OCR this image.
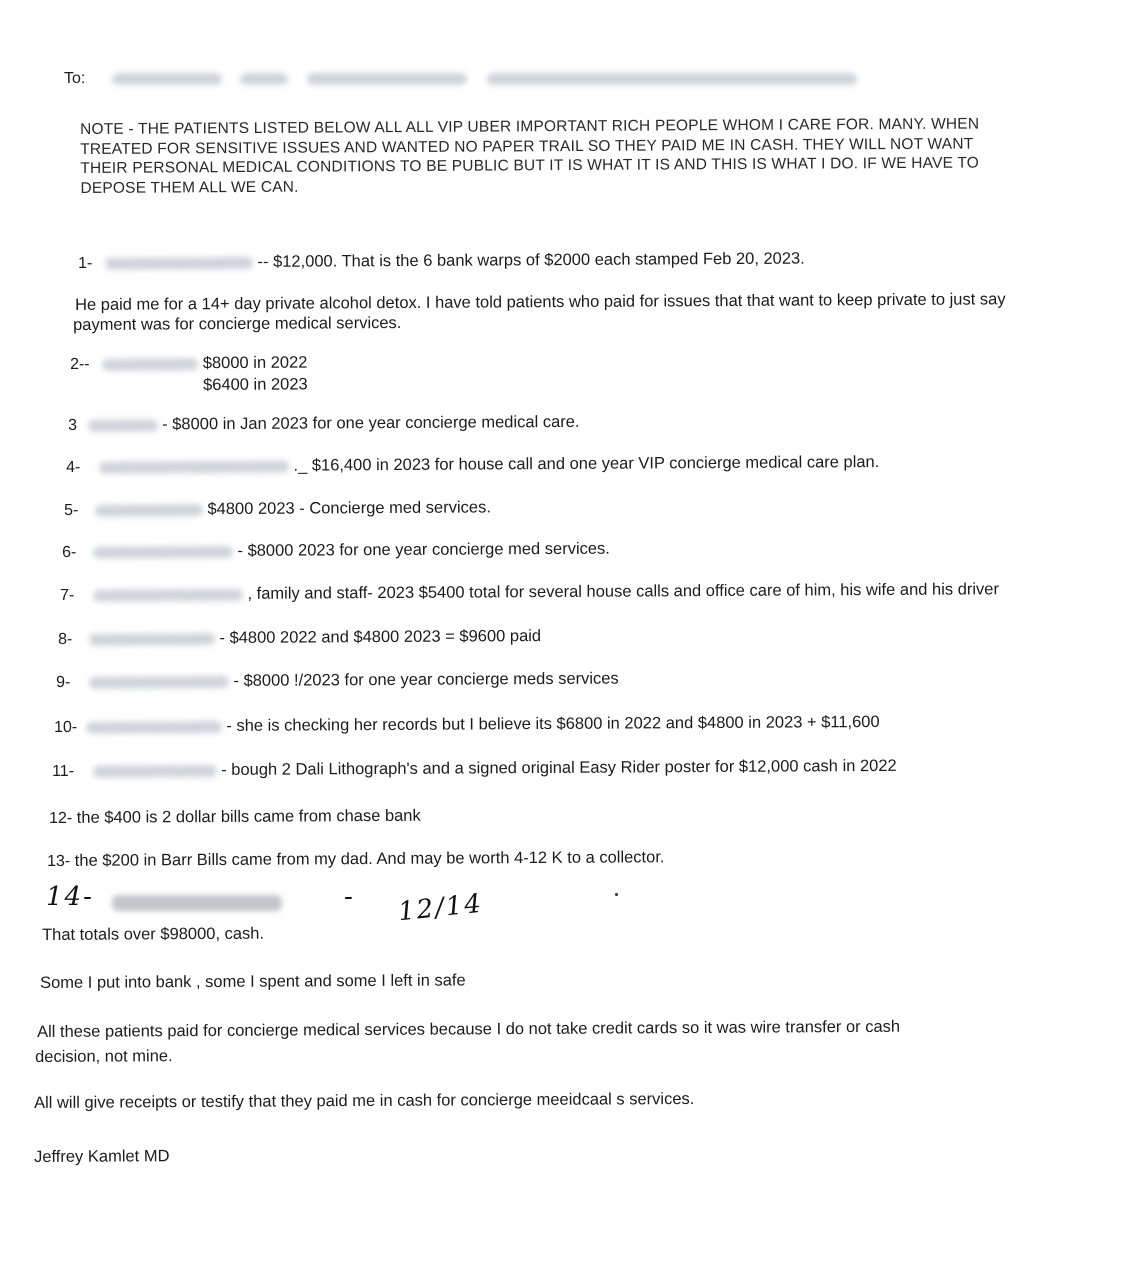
To:
NOTE - THE PATIENTS LISTED BELOW ALL ALL VIP UBER IMPORTANT RICH PEOPLE WHOM I CARE FOR. MANY. WHEN
TREATED FOR SENSITIVE ISSUES AND WANTED NO PAPER TRAIL SO THEY PAID ME IN CASH. THEY WILL NOT WANT
THEIR PERSONAL MEDICAL CONDITIONS TO BE PUBLIC BUT IT IS WHAT IT IS AND THIS IS WHAT I DO. IF WE HAVE TO
DEPOSE THEM ALL WE CAN.
1-	-- $12,000. That is the 6 bank warps of $2000 each stamped Feb 20, 2023.
He paid me for a 14+ day private alcohol detox. I have told patients who paid for issues that that want to keep private to just say
payment was for concierge medical services.
2--	$8000 in 2022
$6400 in 2023
3	- $8000 in Jan 2023 for one year concierge medical care.
4-	._ $16,400 in 2023 for house call and one year VIP concierge medical care plan.
5-	$4800 2023 - Concierge med services.
6-	- $8000 2023 for one year concierge med services.
7-	, family and staff- 2023 $5400 total for several house calls and office care of him, his wife and his driver
8-	- $4800 2022 and $4800 2023 = $9600 paid
9-	- $8000 !/2023 for one year concierge meds services
10-	- she is checking her records but I believe its $6800 in 2022 and $4800 in 2023 + $11,600
11-	- bough 2 Dali Lithograph's and a signed original Easy Rider poster for $12,000 cash in 2022
12- the $400 is 2 dollar bills came from chase bank
13- the $200 in Barr Bills came from my dad. And may be worth 4-12 K to a collector.
14-	- 12/14
That totals over $98000, cash.
Some I put into bank , some I spent and some I left in safe
All these patients paid for concierge medical services because I do not take credit cards so it was wire transfer or cash
decision, not mine.
All will give receipts or testify that they paid me in cash for concierge meeidcaal s services.
Jeffrey Kamlet MD
